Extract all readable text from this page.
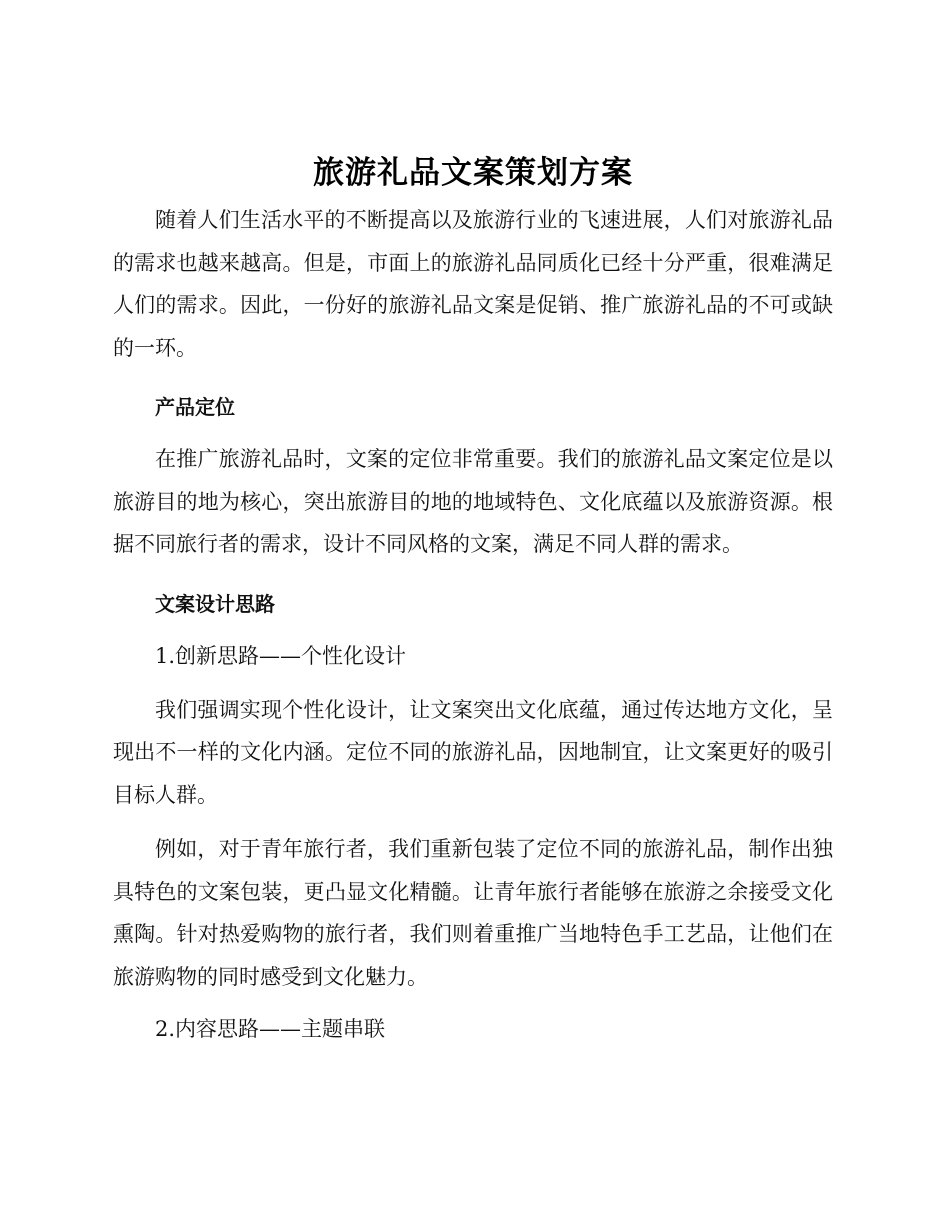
旅游礼品文案策划方案

随着人们生活水平的不断提高以及旅游行业的飞速进展，人们对旅游礼品的需求也越来越高。但是，市面上的旅游礼品同质化已经十分严重，很难满足人们的需求。因此，一份好的旅游礼品文案是促销、推广旅游礼品的不可或缺的一环。

产品定位

在推广旅游礼品时，文案的定位非常重要。我们的旅游礼品文案定位是以旅游目的地为核心，突出旅游目的地的地域特色、文化底蕴以及旅游资源。根据不同旅行者的需求，设计不同风格的文案，满足不同人群的需求。

文案设计思路

1.创新思路——个性化设计

我们强调实现个性化设计，让文案突出文化底蕴，通过传达地方文化，呈现出不一样的文化内涵。定位不同的旅游礼品，因地制宜，让文案更好的吸引目标人群。

例如，对于青年旅行者，我们重新包装了定位不同的旅游礼品，制作出独具特色的文案包装，更凸显文化精髓。让青年旅行者能够在旅游之余接受文化熏陶。针对热爱购物的旅行者，我们则着重推广当地特色手工艺品，让他们在旅游购物的同时感受到文化魅力。

2.内容思路——主题串联
